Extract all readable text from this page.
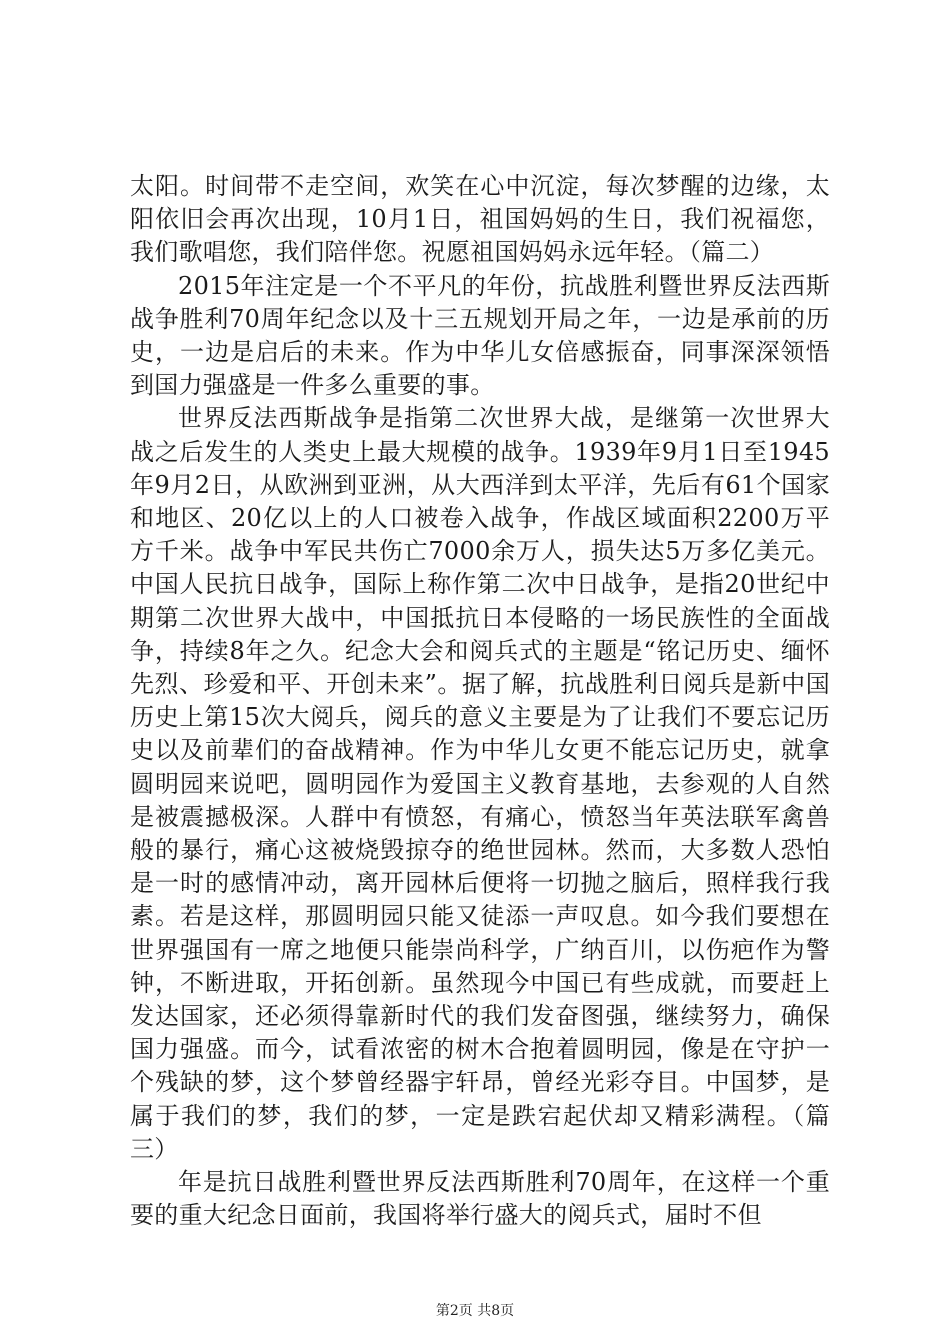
太阳。时间带不走空间，欢笑在心中沉淀，每次梦醒的边缘，太阳依旧会再次出现，10月1日，祖国妈妈的生日，我们祝福您，我们歌唱您，我们陪伴您。祝愿祖国妈妈永远年轻。（篇二）

2015年注定是一个不平凡的年份，抗战胜利暨世界反法西斯战争胜利70周年纪念以及十三五规划开局之年，一边是承前的历史，一边是启后的未来。作为中华儿女倍感振奋，同事深深领悟到国力强盛是一件多么重要的事。

世界反法西斯战争是指第二次世界大战，是继第一次世界大战之后发生的人类史上最大规模的战争。1939年9月1日至1945年9月2日，从欧洲到亚洲，从大西洋到太平洋，先后有61个国家和地区、20亿以上的人口被卷入战争，作战区域面积2200万平方千米。战争中军民共伤亡7000余万人，损失达5万多亿美元。中国人民抗日战争，国际上称作第二次中日战争，是指20世纪中期第二次世界大战中，中国抵抗日本侵略的一场民族性的全面战争，持续8年之久。纪念大会和阅兵式的主题是“铭记历史、缅怀先烈、珍爱和平、开创未来”。据了解，抗战胜利日阅兵是新中国历史上第15次大阅兵，阅兵的意义主要是为了让我们不要忘记历史以及前辈们的奋战精神。作为中华儿女更不能忘记历史，就拿圆明园来说吧，圆明园作为爱国主义教育基地，去参观的人自然是被震撼极深。人群中有愤怒，有痛心，愤怒当年英法联军禽兽般的暴行，痛心这被烧毁掠夺的绝世园林。然而，大多数人恐怕是一时的感情冲动，离开园林后便将一切抛之脑后，照样我行我素。若是这样，那圆明园只能又徒添一声叹息。如今我们要想在世界强国有一席之地便只能崇尚科学，广纳百川，以伤疤作为警钟，不断进取，开拓创新。虽然现今中国已有些成就，而要赶上发达国家，还必须得靠新时代的我们发奋图强，继续努力，确保国力强盛。而今，试看浓密的树木合抱着圆明园，像是在守护一个残缺的梦，这个梦曾经器宇轩昂，曾经光彩夺目。中国梦，是属于我们的梦，我们的梦，一定是跌宕起伏却又精彩满程。（篇三）

年是抗日战胜利暨世界反法西斯胜利70周年，在这样一个重要的重大纪念日面前，我国将举行盛大的阅兵式，届时不但

第2页 共8页
